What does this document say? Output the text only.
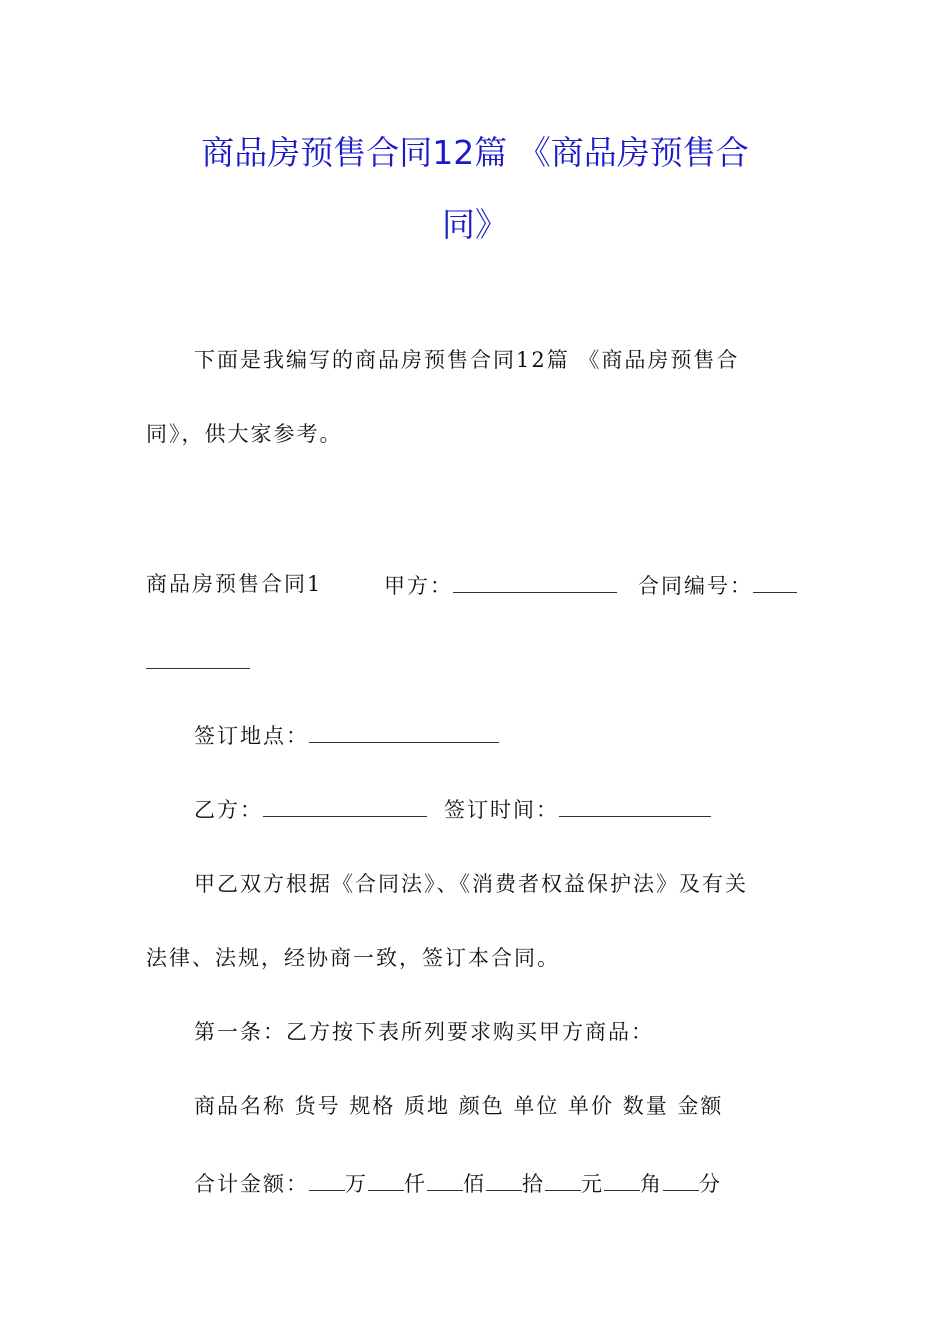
商品房预售合同12篇 《商品房预售合
同》
下面是我编写的商品房预售合同12篇 《商品房预售合
同》，供大家参考。
商品房预售合同1	甲方：	合同编号：
签订地点：
乙方：	签订时间：
甲乙双方根据《合同法》、《消费者权益保护法》及有关
法律、法规，经协商一致，签订本合同。
第一条：乙方按下表所列要求购买甲方商品：
商品名称 货号 规格 质地 颜色 单位 单价 数量 金额
合计金额： 万 仟 佰 拾 元 角 分
